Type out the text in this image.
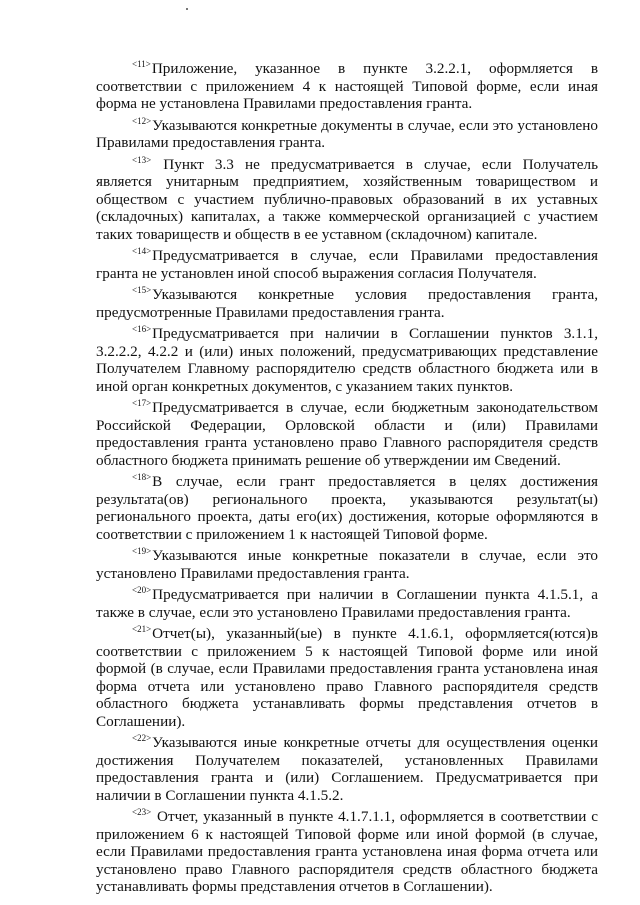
$^{<11>}$Приложение, указанное в пункте 3.2.2.1, оформляется в соответствии с приложением 4 к настоящей Типовой форме, если иная форма не установлена Правилами предоставления гранта.

$^{<12>}$Указываются конкретные документы в случае, если это установлено Правилами предоставления гранта.

$^{<13>}$ Пункт 3.3 не предусматривается в случае, если Получатель является унитарным предприятием, хозяйственным товариществом и обществом с участием публично-правовых образований в их уставных (складочных) капиталах, а также коммерческой организацией с участием таких товариществ и обществ в ее уставном (складочном) капитале.

$^{<14>}$Предусматривается в случае, если Правилами предоставления гранта не установлен иной способ выражения согласия Получателя.

$^{<15>}$Указываются конкретные условия предоставления гранта, предусмотренные Правилами предоставления гранта.

$^{<16>}$Предусматривается при наличии в Соглашении пунктов 3.1.1, 3.2.2.2, 4.2.2 и (или) иных положений, предусматривающих представление Получателем Главному распорядителю средств областного бюджета или в иной орган конкретных документов, с указанием таких пунктов.

$^{<17>}$Предусматривается в случае, если бюджетным законодательством Российской Федерации, Орловской области и (или) Правилами предоставления гранта установлено право Главного распорядителя средств областного бюджета принимать решение об утверждении им Сведений.

$^{<18>}$В случае, если грант предоставляется в целях достижения результата(ов) регионального проекта, указываются результат(ы) регионального проекта, даты его(их) достижения, которые оформляются в соответствии с приложением 1 к настоящей Типовой форме.

$^{<19>}$Указываются иные конкретные показатели в случае, если это установлено Правилами предоставления гранта.

$^{<20>}$Предусматривается при наличии в Соглашении пункта 4.1.5.1, а также в случае, если это установлено Правилами предоставления гранта.

$^{<21>}$Отчет(ы), указанный(ые) в пункте 4.1.6.1, оформляется(ются)в соответствии с приложением 5 к настоящей Типовой форме или иной формой (в случае, если Правилами предоставления гранта установлена иная форма отчета или установлено право Главного распорядителя средств областного бюджета устанавливать формы представления отчетов в Соглашении).

$^{<22>}$Указываются иные конкретные отчеты для осуществления оценки достижения Получателем показателей, установленных Правилами предоставления гранта и (или) Соглашением. Предусматривается при наличии в Соглашении пункта 4.1.5.2.

$^{<23>}$ Отчет, указанный в пункте 4.1.7.1.1, оформляется в соответствии с приложением 6 к настоящей Типовой форме или иной формой (в случае, если Правилами предоставления гранта установлена иная форма отчета или установлено право Главного распорядителя средств областного бюджета устанавливать формы представления отчетов в Соглашении).
